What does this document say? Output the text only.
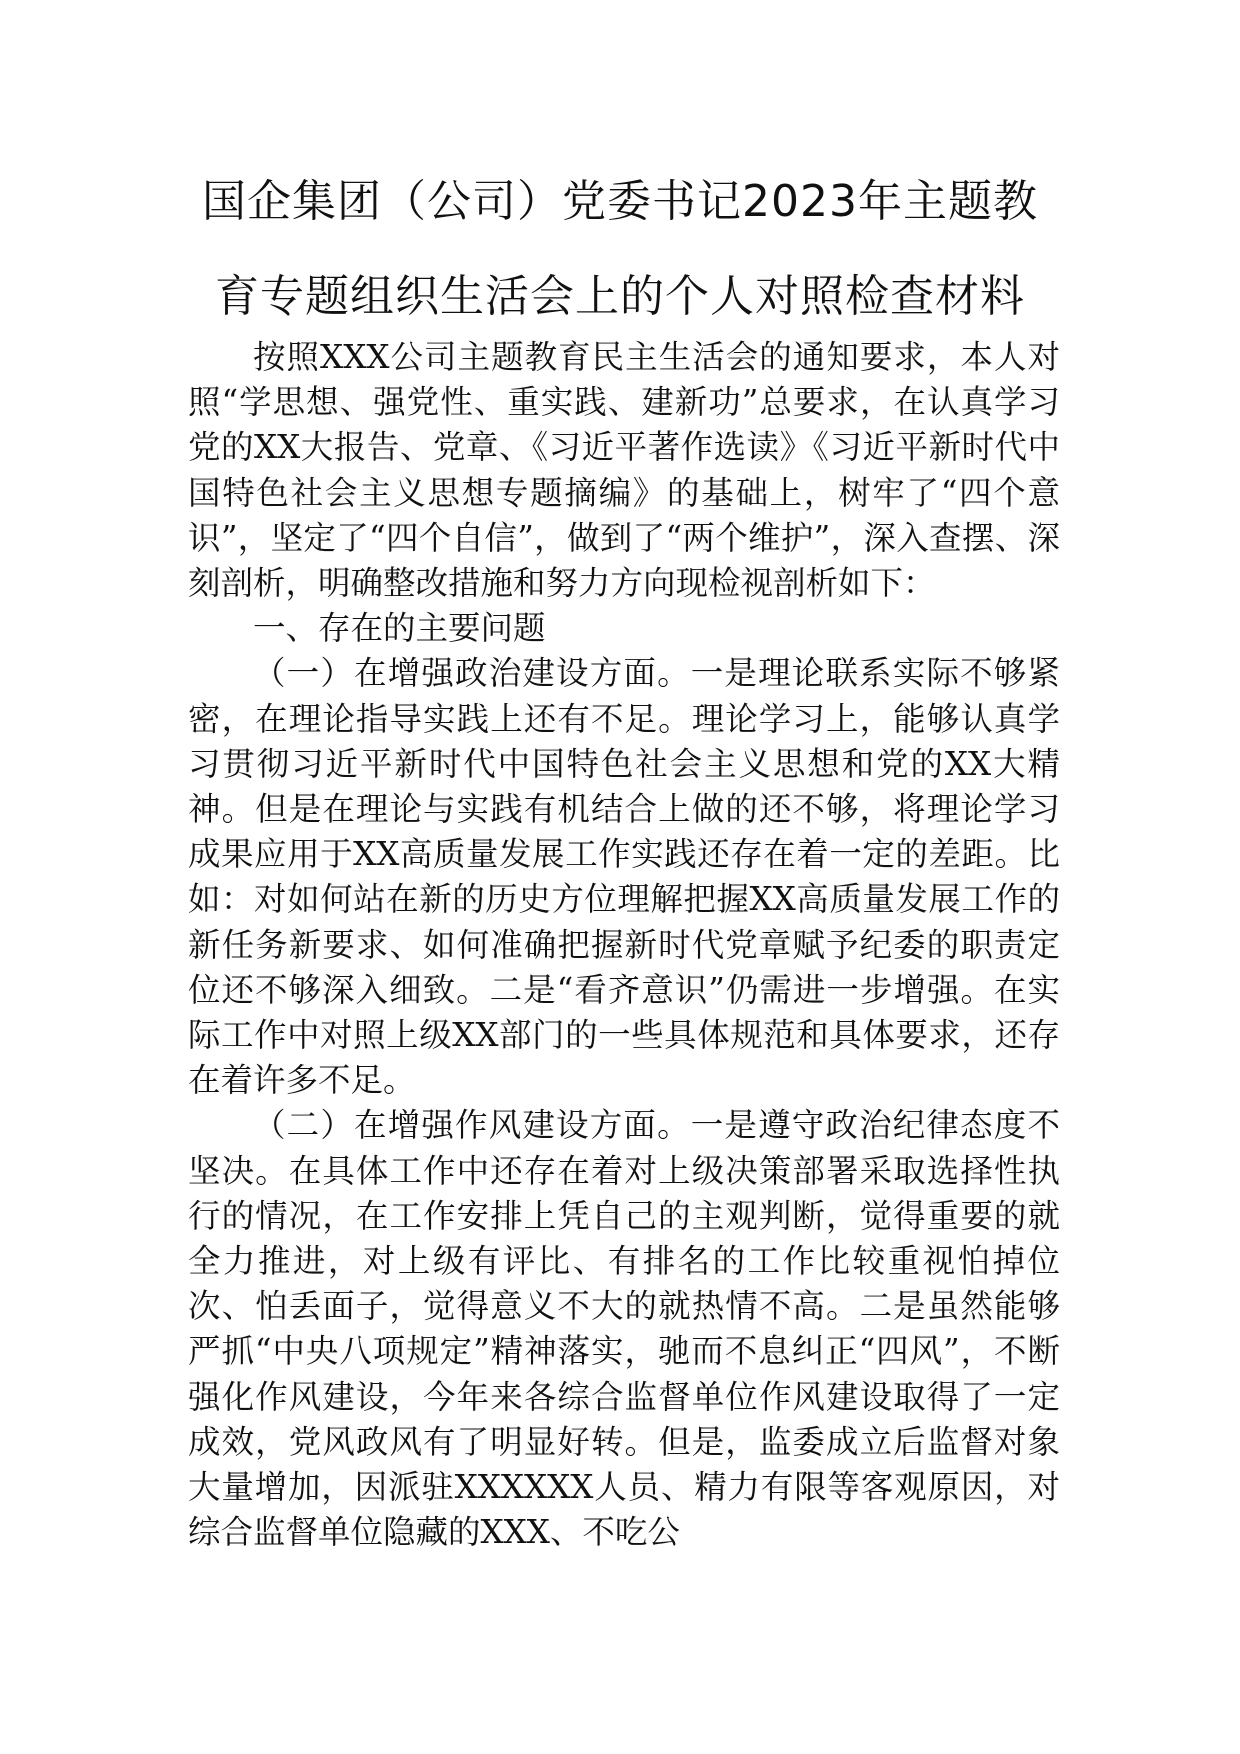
国企集团（公司）党委书记2023年主题教
育专题组织生活会上的个人对照检查材料

按照XXX公司主题教育民主生活会的通知要求，本人对照“学思想、强党性、重实践、建新功”总要求，在认真学习党的XX大报告、党章、《习近平著作选读》《习近平新时代中国特色社会主义思想专题摘编》的基础上，树牢了“四个意识”，坚定了“四个自信”，做到了“两个维护”，深入查摆、深刻剖析，明确整改措施和努力方向现检视剖析如下：

一、存在的主要问题

（一）在增强政治建设方面。一是理论联系实际不够紧密，在理论指导实践上还有不足。理论学习上，能够认真学习贯彻习近平新时代中国特色社会主义思想和党的XX大精神。但是在理论与实践有机结合上做的还不够，将理论学习成果应用于XX高质量发展工作实践还存在着一定的差距。比如：对如何站在新的历史方位理解把握XX高质量发展工作的新任务新要求、如何准确把握新时代党章赋予纪委的职责定位还不够深入细致。二是“看齐意识”仍需进一步增强。在实际工作中对照上级XX部门的一些具体规范和具体要求，还存在着许多不足。

（二）在增强作风建设方面。一是遵守政治纪律态度不坚决。在具体工作中还存在着对上级决策部署采取选择性执行的情况，在工作安排上凭自己的主观判断，觉得重要的就全力推进，对上级有评比、有排名的工作比较重视怕掉位次、怕丢面子，觉得意义不大的就热情不高。二是虽然能够严抓“中央八项规定”精神落实，驰而不息纠正“四风”，不断强化作风建设，今年来各综合监督单位作风建设取得了一定成效，党风政风有了明显好转。但是，监委成立后监督对象大量增加，因派驻XXXXXX人员、精力有限等客观原因，对综合监督单位隐藏的XXX、不吃公
